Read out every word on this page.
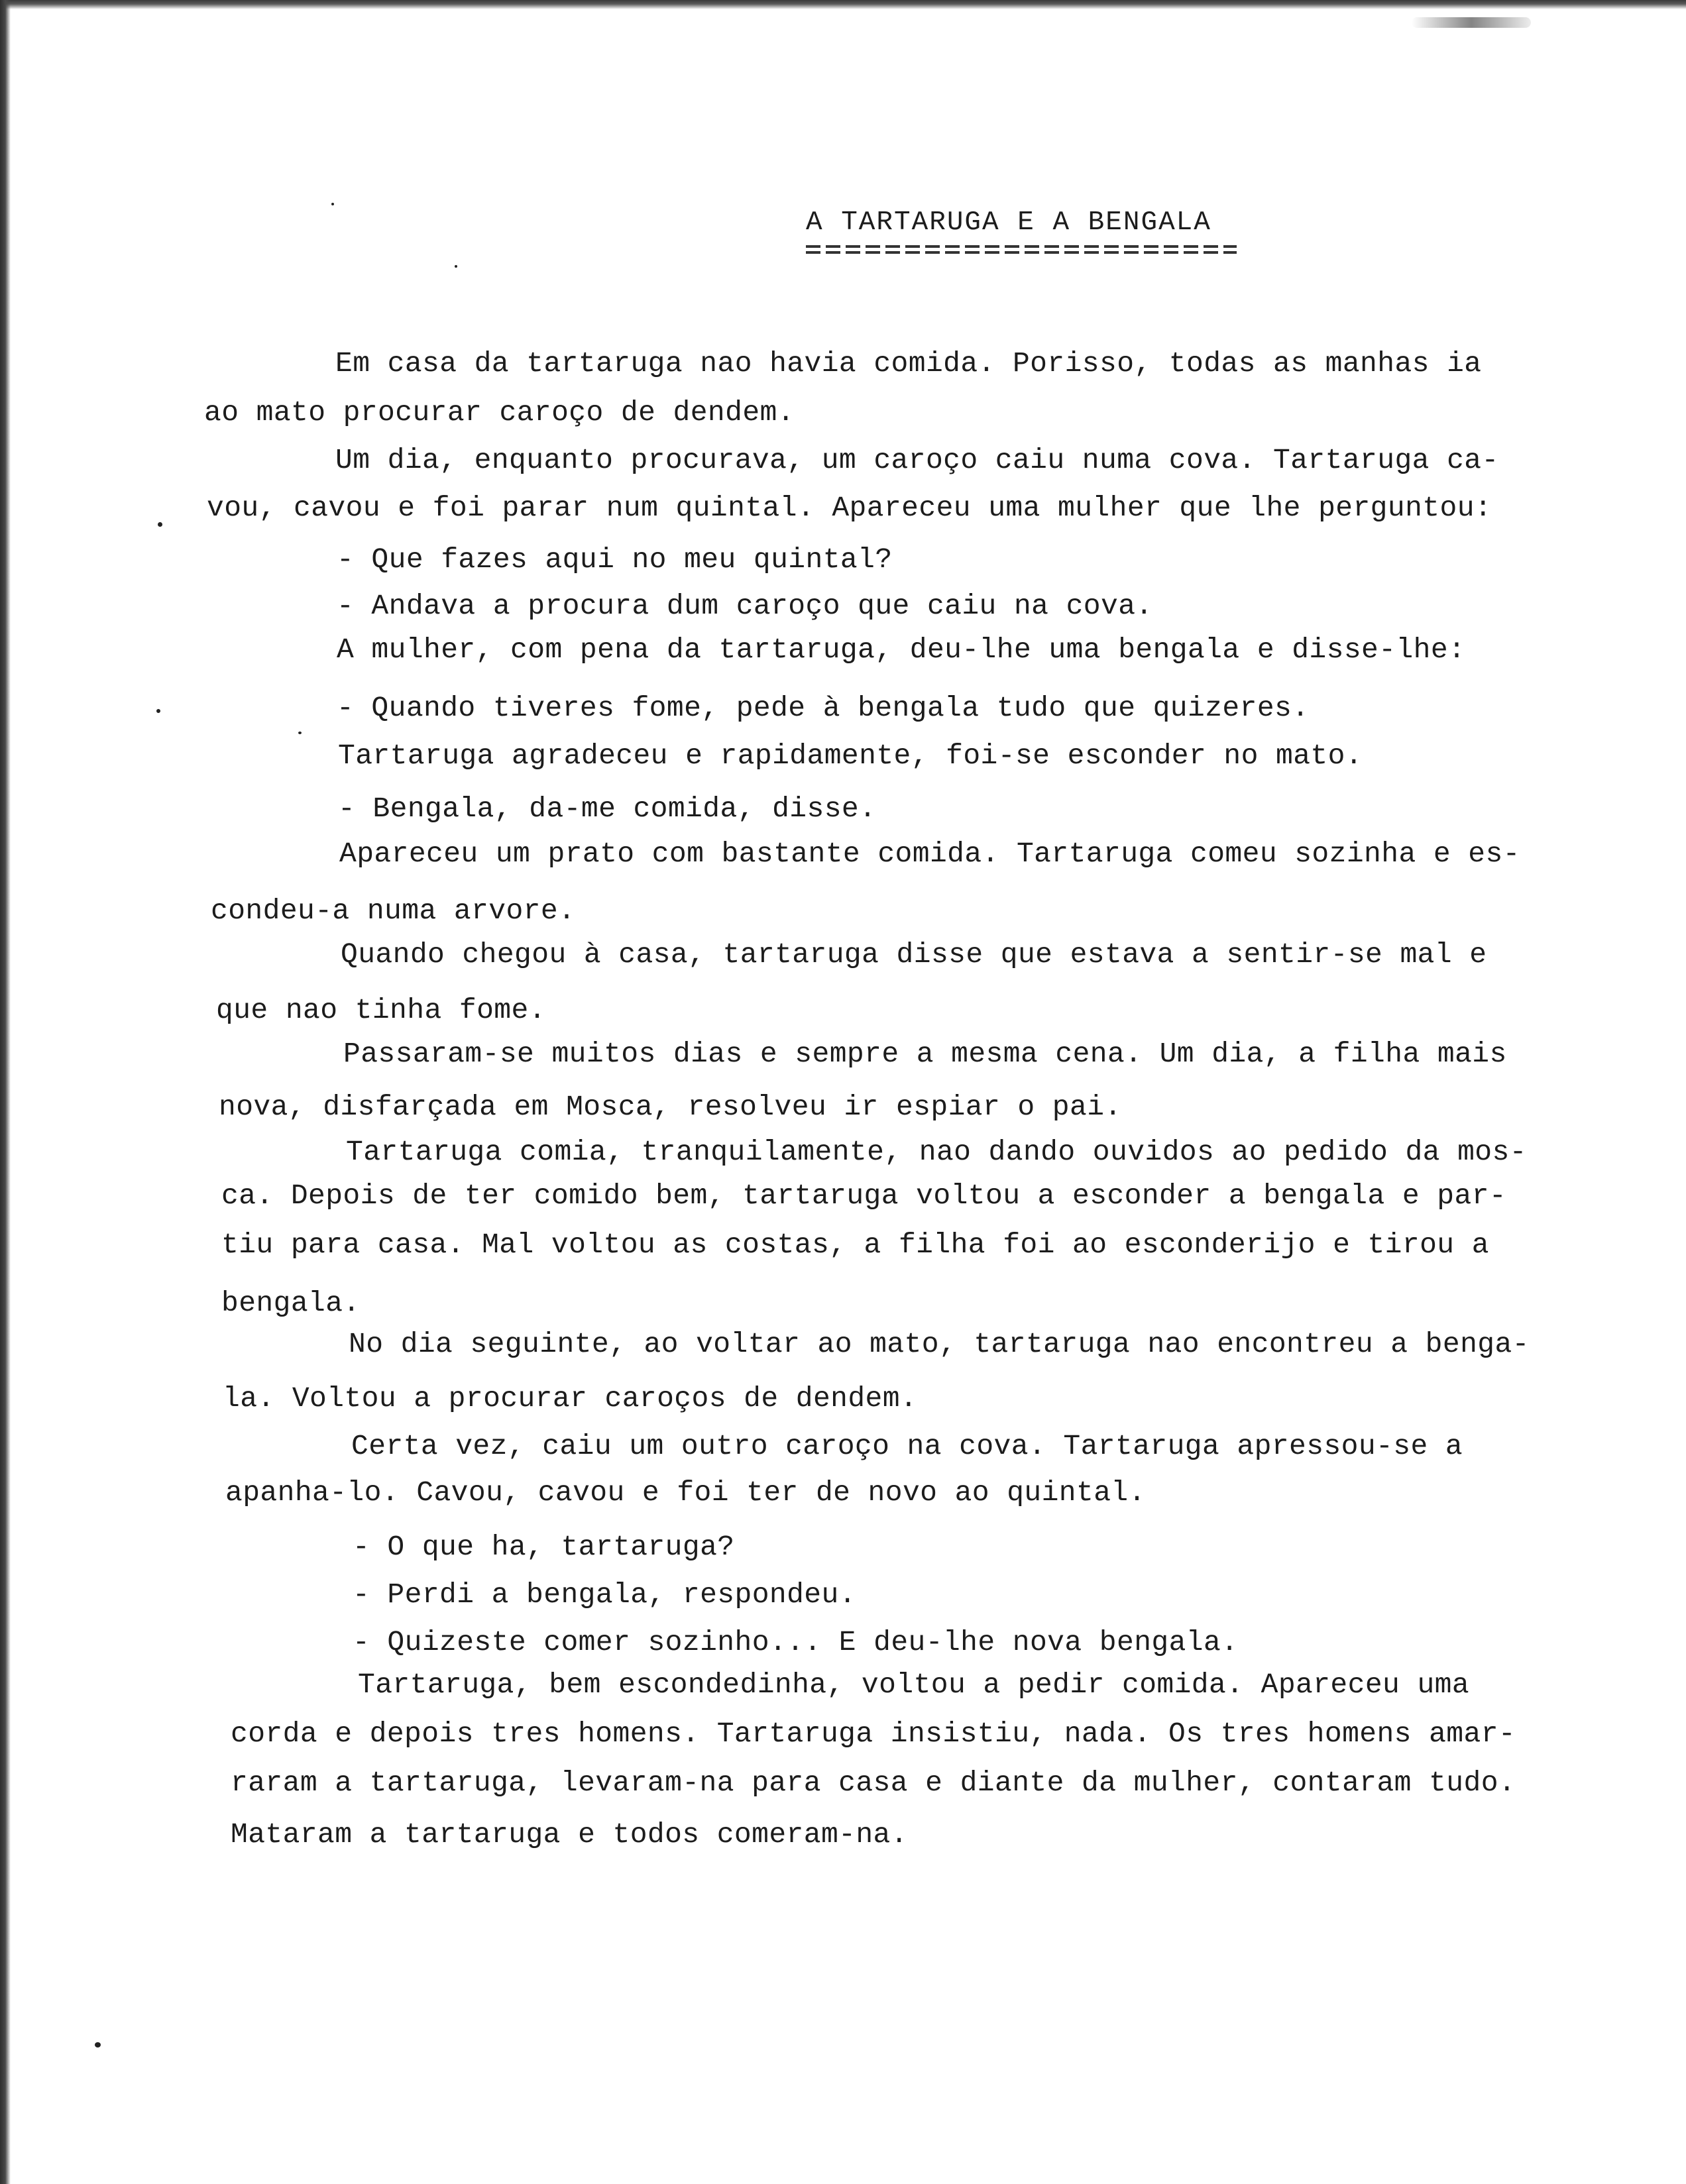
A TARTARUGA E A BENGALA
Em casa da tartaruga nao havia comida. Porisso, todas as manhas ia
ao mato procurar caroço de dendem.
Um dia, enquanto procurava, um caroço caiu numa cova. Tartaruga ca-
vou, cavou e foi parar num quintal. Apareceu uma mulher que lhe perguntou:
- Que fazes aqui no meu quintal?
- Andava a procura dum caroço que caiu na cova.
A mulher, com pena da tartaruga, deu-lhe uma bengala e disse-lhe:
- Quando tiveres fome, pede à bengala tudo que quizeres.
Tartaruga agradeceu e rapidamente, foi-se esconder no mato.
- Bengala, da-me comida, disse.
Apareceu um prato com bastante comida. Tartaruga comeu sozinha e es-
condeu-a numa arvore.
Quando chegou à casa, tartaruga disse que estava a sentir-se mal e
que nao tinha fome.
Passaram-se muitos dias e sempre a mesma cena. Um dia, a filha mais
nova, disfarçada em Mosca, resolveu ir espiar o pai.
Tartaruga comia, tranquilamente, nao dando ouvidos ao pedido da mos-
ca. Depois de ter comido bem, tartaruga voltou a esconder a bengala e par-
tiu para casa. Mal voltou as costas, a filha foi ao esconderijo e tirou a
bengala.
No dia seguinte, ao voltar ao mato, tartaruga nao encontreu a benga-
la. Voltou a procurar caroços de dendem.
Certa vez, caiu um outro caroço na cova. Tartaruga apressou-se a
apanha-lo. Cavou, cavou e foi ter de novo ao quintal.
- O que ha, tartaruga?
- Perdi a bengala, respondeu.
- Quizeste comer sozinho... E deu-lhe nova bengala.
Tartaruga, bem escondedinha, voltou a pedir comida. Apareceu uma
corda e depois tres homens. Tartaruga insistiu, nada. Os tres homens amar-
raram a tartaruga, levaram-na para casa e diante da mulher, contaram tudo.
Mataram a tartaruga e todos comeram-na.
